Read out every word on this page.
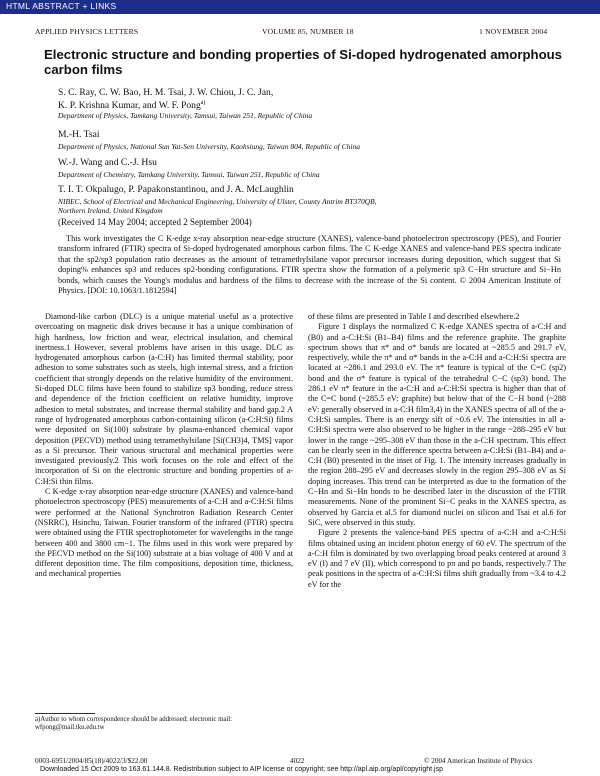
HTML ABSTRACT + LINKS
APPLIED PHYSICS LETTERS	VOLUME 85, NUMBER 18	1 NOVEMBER 2004
Electronic structure and bonding properties of Si-doped hydrogenated amorphous carbon films
S. C. Ray, C. W. Bao, H. M. Tsai, J. W. Chiou, J. C. Jan,
K. P. Krishna Kumar, and W. F. Pong$^{a)}$
Department of Physics, Tamkang University, Tamsui, Taiwan 251, Republic of China
M.-H. Tsai
Department of Physics, National Sun Yat-Sen University, Kaohsiung, Taiwan 804, Republic of China
W.-J. Wang and C.-J. Hsu
Department of Chemistry, Tamkang University, Tamsui, Taiwan 251, Republic of China
T. I. T. Okpalugo, P. Papakonstantinou, and J. A. McLaughlin
NIBEC, School of Electrical and Mechanical Engineering, University of Ulster, County Antrim BT370QB,
Northern Ireland, United Kingdom
(Received 14 May 2004; accepted 2 September 2004)

This work investigates the C K-edge x-ray absorption near-edge structure (XANES), valence-band photoelectron spectroscopy (PES), and Fourier transform infrared (FTIR) spectra of Si-doped hydrogenated amorphous carbon films. The C K-edge XANES and valence-band PES spectra indicate that the sp2/sp3 population ratio decreases as the amount of tetramethylsilane vapor precursor increases during deposition, which suggest that Si doping% enhances sp3 and reduces sp2-bonding configurations. FTIR spectra show the formation of a polymeric sp3 C−Hn structure and Si−Hn bonds, which causes the Young's modulus and hardness of the films to decrease with the increase of the Si content. © 2004 American Institute of Physics. [DOI: 10.1063/1.1812594]

Diamond-like carbon (DLC) is a unique material useful as a protective overcoating on magnetic disk drives because it has a unique combination of high hardness, low friction and wear, electrical insulation, and chemical inertness.1 However, several problems have arisen in this usage. DLC as hydrogenated amorphous carbon (a-C:H) has limited thermal stability, poor adhesion to some substrates such as steels, high internal stress, and a friction coefficient that strongly depends on the relative humidity of the environment. Si-doped DLC films have been found to stabilize sp3 bonding, reduce stress and dependence of the friction coefficient on relative humidity, improve adhesion to metal substrates, and increase thermal stability and band gap.2 A range of hydrogenated amorphous carbon-containing silicon (a-C:H:Si) films were deposited on Si(100) substrate by plasma-enhanced chemical vapor deposition (PECVD) method using tetramethylsilane [Si(CH3)4, TMS] vapor as a Si precursor. Their various structural and mechanical properties were investigated previously.2 This work focuses on the role and effect of the incorporation of Si on the electronic structure and bonding properties of a-C:H:Si thin films.

C K-edge x-ray absorption near-edge structure (XANES) and valence-band photoelectron spectroscopy (PES) measurements of a-C:H and a-C:H:Si films were performed at the National Synchrotron Radiation Research Center (NSRRC), Hsinchu, Taiwan. Fourier transform of the infrared (FTIR) spectra were obtained using the FTIR spectrophotometer for wavelengths in the range between 400 and 3800 cm−1. The films used in this work were prepared by the PECVD method on the Si(100) substrate at a bias voltage of 400 V and at different deposition time. The film compositions, deposition time, thickness, and mechanical properties

of these films are presented in Table I and described elsewhere.2

Figure 1 displays the normalized C K-edge XANES spectra of a-C:H and (B0) and a-C:H:Si (B1–B4) films and the reference graphite. The graphite spectrum shows that π* and σ* bands are located at ~285.5 and 291.7 eV, respectively, while the π* and σ* bands in the a-C:H and a-C:H:Si spectra are located at ~286.1 and 293.0 eV. The π* feature is typical of the C=C (sp2) bond and the σ* feature is typical of the tetrahedral C−C (sp3) bond. The 286.1 eV π* feature in the a-C:H and a-C:H:Si spectra is higher than that of the C=C bond (~285.5 eV: graphite) but below that of the C−H bond (~288 eV: generally observed in a-C:H film3,4) in the XANES spectra of all of the a-C:H:Si samples. There is an energy sift of ~0.6 eV. The intensities in all a-C:H:Si spectra were also observed to be higher in the range ~288–295 eV but lower in the range ~295–308 eV than those in the a-C:H spectrum. This effect can be clearly seen in the difference spectra between a-C:H:Si (B1–B4) and a-C:H (B0) presented in the inset of Fig. 1. The intensity increases gradually in the region 288–295 eV and decreases slowly in the region 295–308 eV as Si doping increases. This trend can be interpreted as due to the formation of the C−Hn and Si−Hn bonds to be described later in the discussion of the FTIR measurements. None of the prominent Si−C peaks in the XANES spectra, as observed by Garcia et al.5 for diamond nuclei on silicon and Tsai et al.6 for SiC, were observed in this study.

Figure 2 presents the valence-band PES spectra of a-C:H and a-C:H:Si films obtained using an incident photon energy of 60 eV. The spectrum of the a-C:H film is dominated by two overlapping broad peaks centered at around 3 eV (I) and 7 eV (II), which correspond to pπ and pσ bands, respectively.7 The peak positions in the spectra of a-C:H:Si films shift gradually from ~3.4 to 4.2 eV for the

a)Author to whom correspondence should be addressed; electronic mail: wfpong@mail.tku.edu.tw
0003-6951/2004/85(18)/4022/3/$22.00	4022	© 2004 American Institute of Physics
Downloaded 15 Oct 2009 to 163.61.144.8. Redistribution subject to AIP license or copyright; see http://apl.aip.org/apl/copyright.jsp
